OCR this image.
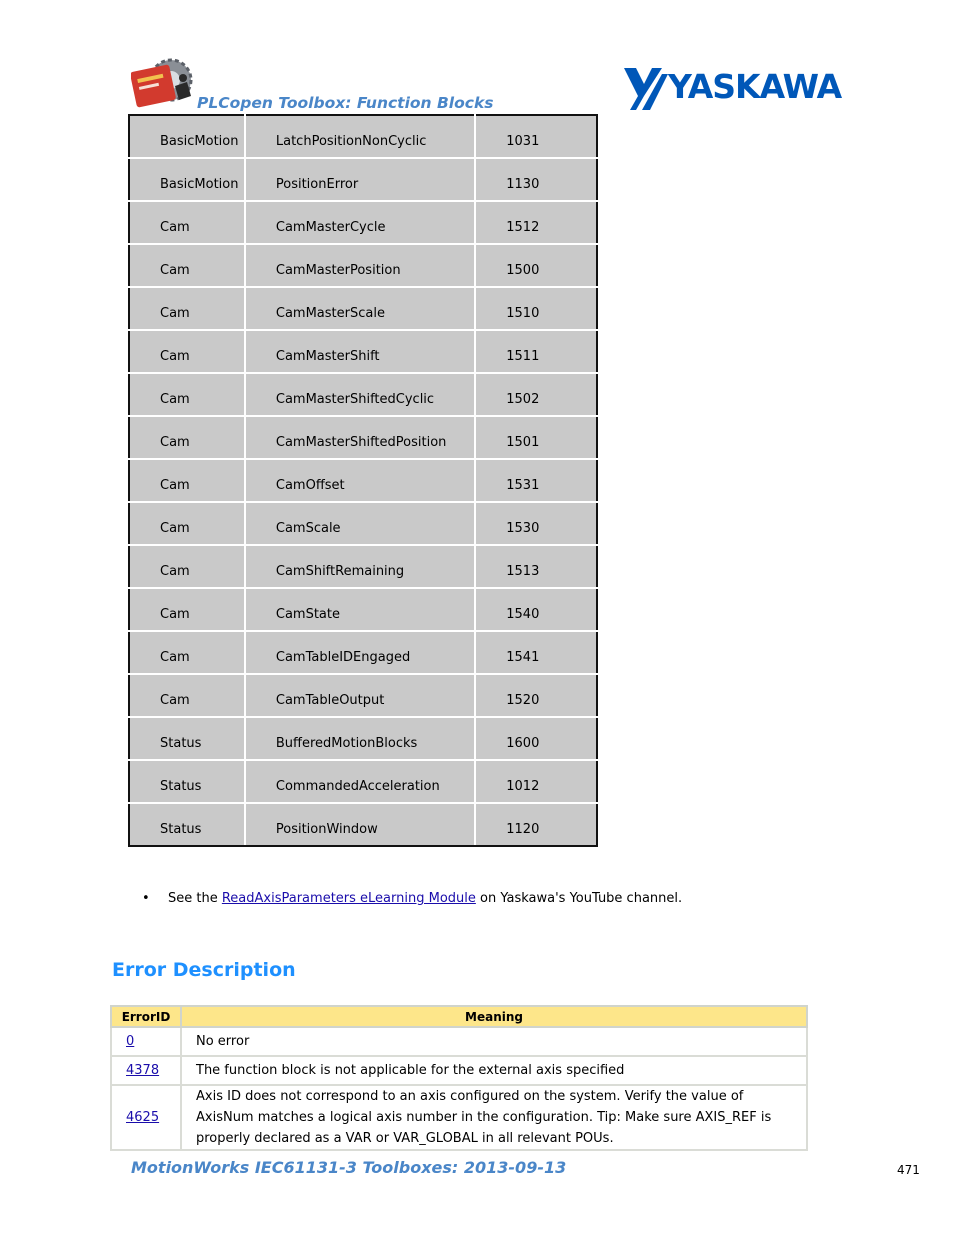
PLCopen Toolbox: Function Blocks	YASKAWA
BasicMotion	LatchPositionNonCyclic	1031
BasicMotion	PositionError	1130
Cam	CamMasterCycle	1512
Cam	CamMasterPosition	1500
Cam	CamMasterScale	1510
Cam	CamMasterShift	1511
Cam	CamMasterShiftedCyclic	1502
Cam	CamMasterShiftedPosition	1501
Cam	CamOffset	1531
Cam	CamScale	1530
Cam	CamShiftRemaining	1513
Cam	CamState	1540
Cam	CamTableIDEngaged	1541
Cam	CamTableOutput	1520
Status	BufferedMotionBlocks	1600
Status	CommandedAcceleration	1012
Status	PositionWindow	1120
• See the ReadAxisParameters eLearning Module on Yaskawa's YouTube channel.
Error Description
ErrorID	Meaning
0	No error
4378	The function block is not applicable for the external axis specified
4625	Axis ID does not correspond to an axis configured on the system. Verify the value of AxisNum matches a logical axis number in the configuration. Tip: Make sure AXIS_REF is properly declared as a VAR or VAR_GLOBAL in all relevant POUs.
MotionWorks IEC61131-3 Toolboxes: 2013-09-13	471
